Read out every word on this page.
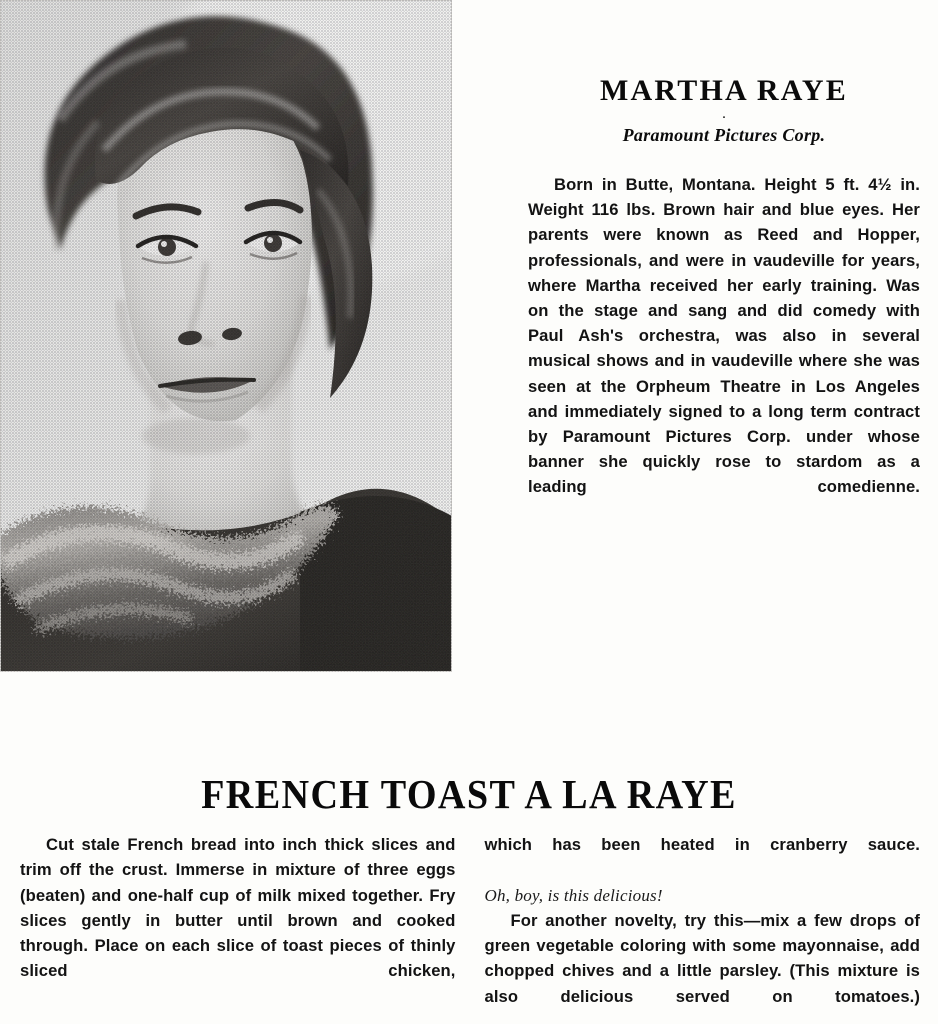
MARTHA RAYE
·

Paramount Pictures Corp.

Born in Butte, Montana. Height 5 ft. 4½ in. Weight 116 lbs. Brown hair and blue eyes. Her parents were known as Reed and Hopper, professionals, and were in vaudeville for years, where Martha received her early training. Was on the stage and sang and did comedy with Paul Ash's orchestra, was also in several musical shows and in vaudeville where she was seen at the Orpheum Theatre in Los Angeles and immediately signed to a long term contract by Paramount Pictures Corp. under whose banner she quickly rose to stardom as a leading comedienne.

FRENCH TOAST A LA RAYE

Cut stale French bread into inch thick slices and trim off the crust. Immerse in mixture of three eggs (beaten) and one-half cup of milk mixed together. Fry slices gently in butter until brown and cooked through. Place on each slice of toast pieces of thinly sliced chicken,

which has been heated in cranberry sauce.

Oh, boy, is this delicious!

For another novelty, try this—mix a few drops of green vegetable coloring with some mayonnaise, add chopped chives and a little parsley. (This mixture is also delicious served on tomatoes.)
